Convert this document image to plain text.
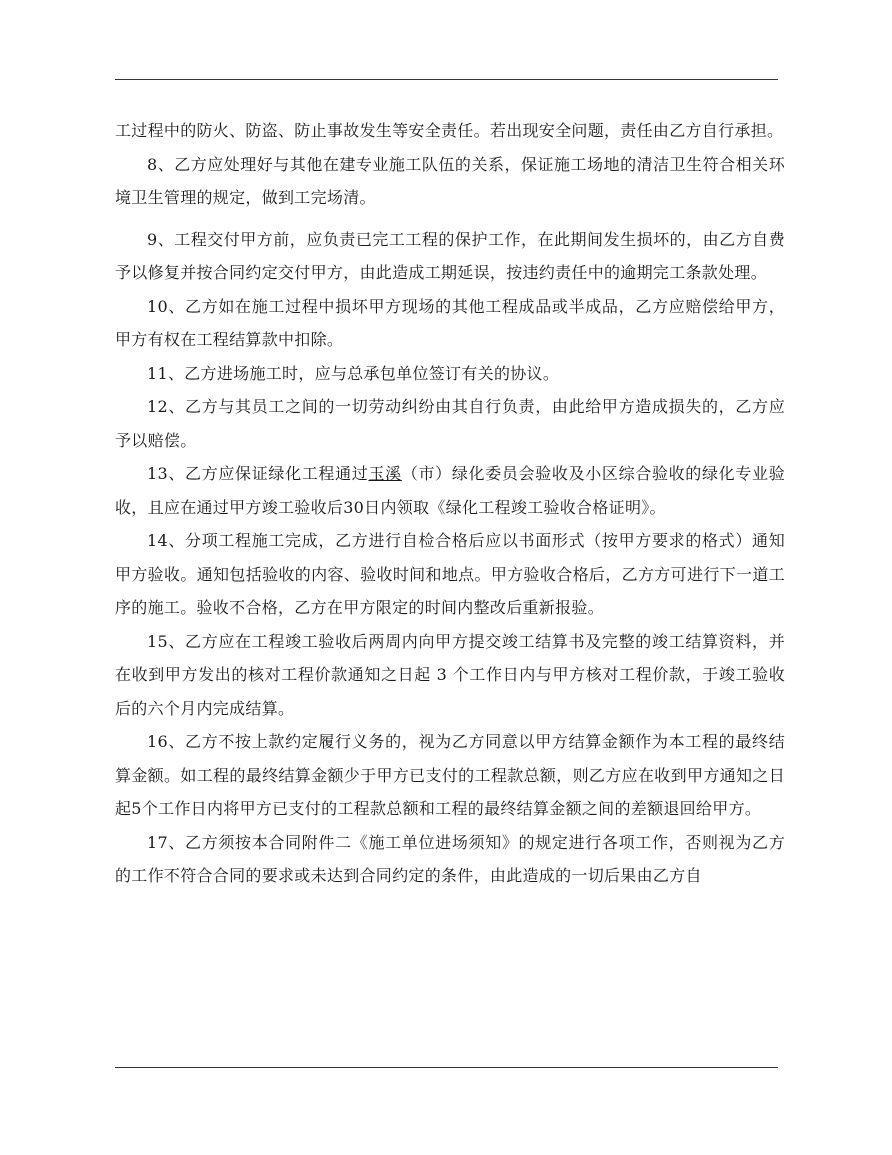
工过程中的防火、防盗、防止事故发生等安全责任。若出现安全问题，责任由乙方自行承担。

8、乙方应处理好与其他在建专业施工队伍的关系，保证施工场地的清洁卫生符合相关环境卫生管理的规定，做到工完场清。

9、工程交付甲方前，应负责已完工工程的保护工作，在此期间发生损坏的，由乙方自费予以修复并按合同约定交付甲方，由此造成工期延误，按违约责任中的逾期完工条款处理。

10、乙方如在施工过程中损坏甲方现场的其他工程成品或半成品，乙方应赔偿给甲方，甲方有权在工程结算款中扣除。

11、乙方进场施工时，应与总承包单位签订有关的协议。

12、乙方与其员工之间的一切劳动纠纷由其自行负责，由此给甲方造成损失的，乙方应予以赔偿。

13、乙方应保证绿化工程通过玉溪（市）绿化委员会验收及小区综合验收的绿化专业验收，且应在通过甲方竣工验收后30日内领取《绿化工程竣工验收合格证明》。

14、分项工程施工完成，乙方进行自检合格后应以书面形式（按甲方要求的格式）通知甲方验收。通知包括验收的内容、验收时间和地点。甲方验收合格后，乙方方可进行下一道工序的施工。验收不合格，乙方在甲方限定的时间内整改后重新报验。

15、乙方应在工程竣工验收后两周内向甲方提交竣工结算书及完整的竣工结算资料，并在收到甲方发出的核对工程价款通知之日起 3 个工作日内与甲方核对工程价款，于竣工验收后的六个月内完成结算。

16、乙方不按上款约定履行义务的，视为乙方同意以甲方结算金额作为本工程的最终结算金额。如工程的最终结算金额少于甲方已支付的工程款总额，则乙方应在收到甲方通知之日起5个工作日内将甲方已支付的工程款总额和工程的最终结算金额之间的差额退回给甲方。

17、乙方须按本合同附件二《施工单位进场须知》的规定进行各项工作，否则视为乙方的工作不符合合同的要求或未达到合同约定的条件，由此造成的一切后果由乙方自
